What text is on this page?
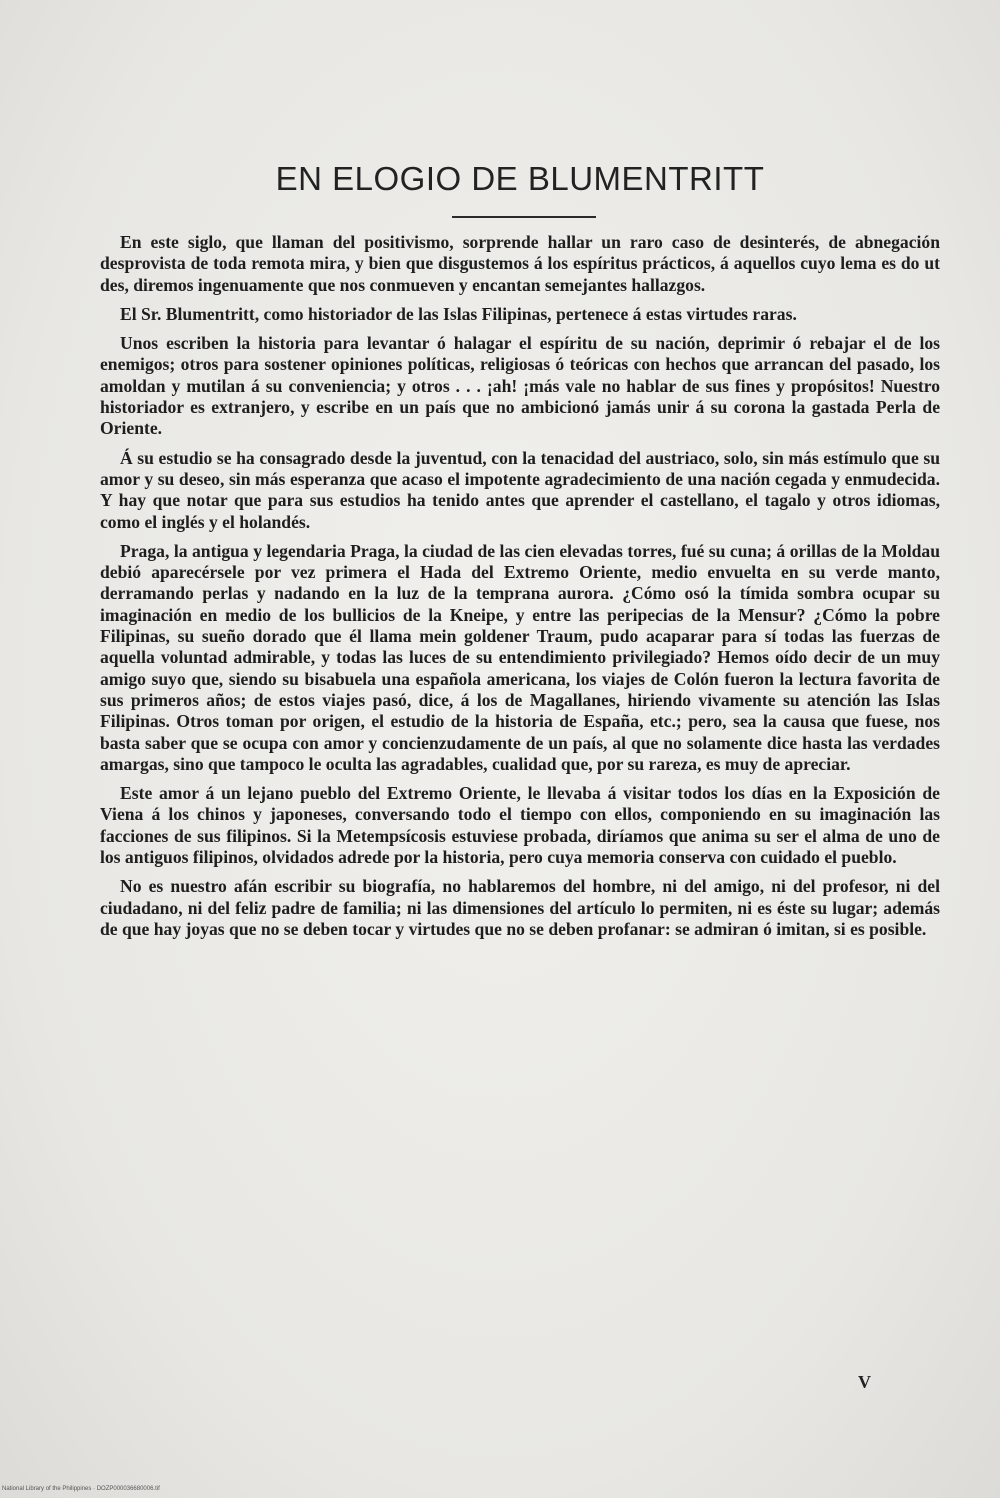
EN ELOGIO DE BLUMENTRITT

En este siglo, que llaman del positivismo, sorprende hallar un raro caso de desinterés, de abnegación desprovista de toda remota mira, y bien que disgustemos á los espíritus prácticos, á aquellos cuyo lema es do ut des, diremos ingenuamente que nos conmueven y encantan semejantes hallazgos.

El Sr. Blumentritt, como historiador de las Islas Filipinas, pertenece á estas virtudes raras.

Unos escriben la historia para levantar ó halagar el espíritu de su nación, deprimir ó rebajar el de los enemigos; otros para sostener opiniones políticas, religiosas ó teóricas con hechos que arrancan del pasado, los amoldan y mutilan á su conveniencia; y otros . . . ¡ah! ¡más vale no hablar de sus fines y propósitos! Nuestro historiador es extranjero, y escribe en un país que no ambicionó jamás unir á su corona la gastada Perla de Oriente.

Á su estudio se ha consagrado desde la juventud, con la tenacidad del austriaco, solo, sin más estímulo que su amor y su deseo, sin más esperanza que acaso el impotente agradecimiento de una nación cegada y enmudecida. Y hay que notar que para sus estudios ha tenido antes que aprender el castellano, el tagalo y otros idiomas, como el inglés y el holandés.

Praga, la antigua y legendaria Praga, la ciudad de las cien elevadas torres, fué su cuna; á orillas de la Moldau debió aparecérsele por vez primera el Hada del Extremo Oriente, medio envuelta en su verde manto, derramando perlas y nadando en la luz de la temprana aurora. ¿Cómo osó la tímida sombra ocupar su imaginación en medio de los bullicios de la Kneipe, y entre las peripecias de la Mensur? ¿Cómo la pobre Filipinas, su sueño dorado que él llama mein goldener Traum, pudo acaparar para sí todas las fuerzas de aquella voluntad admirable, y todas las luces de su entendimiento privilegiado? Hemos oído decir de un muy amigo suyo que, siendo su bisabuela una española americana, los viajes de Colón fueron la lectura favorita de sus primeros años; de estos viajes pasó, dice, á los de Magallanes, hiriendo vivamente su atención las Islas Filipinas. Otros toman por origen, el estudio de la historia de España, etc.; pero, sea la causa que fuese, nos basta saber que se ocupa con amor y concienzudamente de un país, al que no solamente dice hasta las verdades amargas, sino que tampoco le oculta las agradables, cualidad que, por su rareza, es muy de apreciar.

Este amor á un lejano pueblo del Extremo Oriente, le llevaba á visitar todos los días en la Exposición de Viena á los chinos y japoneses, conversando todo el tiempo con ellos, componiendo en su imaginación las facciones de sus filipinos. Si la Metempsícosis estuviese probada, diríamos que anima su ser el alma de uno de los antiguos filipinos, olvidados adrede por la historia, pero cuya memoria conserva con cuidado el pueblo.

No es nuestro afán escribir su biografía, no hablaremos del hombre, ni del amigo, ni del profesor, ni del ciudadano, ni del feliz padre de familia; ni las dimensiones del artículo lo permiten, ni es éste su lugar; además de que hay joyas que no se deben tocar y virtudes que no se deben profanar: se admiran ó imitan, si es posible.

V
National Library of the Philippines · DOZP000036680006.tif
